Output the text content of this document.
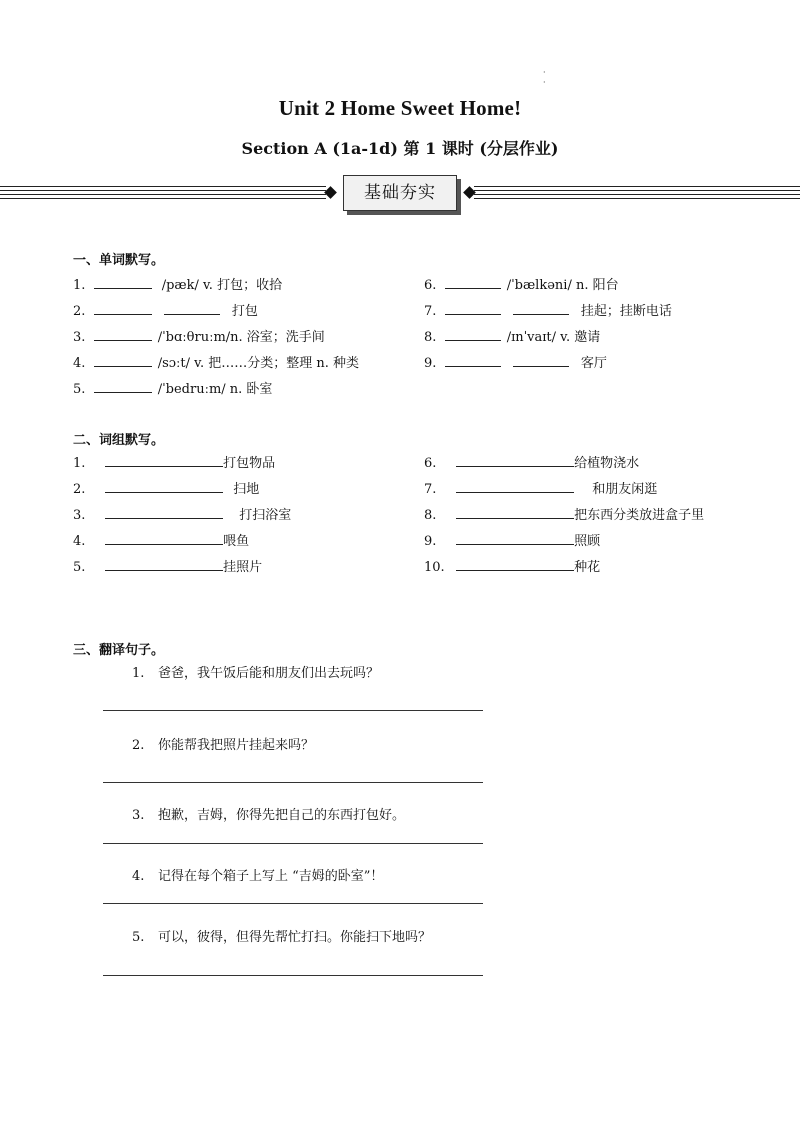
·
·
Unit 2 Home Sweet Home!
Section A (1a-1d) 第 1 课时 (分层作业)
基础夯实
一、单词默写。
1.	/pæk/ v. 打包；收拾
2.	打包
3.	/ˈbɑːθruːm/n. 浴室；洗手间
4.	/sɔːt/ v. 把……分类；整理 n. 种类
5.	/ˈbedruːm/ n. 卧室
6.	/ˈbælkəni/ n. 阳台
7.	挂起；挂断电话
8.	/ɪnˈvaɪt/ v. 邀请
9.	客厅
二、词组默写。
1.	打包物品
2.	扫地
3.	打扫浴室
4.	喂鱼
5.	挂照片
6.	给植物浇水
7.	和朋友闲逛
8.	把东西分类放进盒子里
9.	照顾
10.	种花
三、翻译句子。
1. 爸爸，我午饭后能和朋友们出去玩吗？
2. 你能帮我把照片挂起来吗？
3. 抱歉，吉姆，你得先把自己的东西打包好。
4. 记得在每个箱子上写上 “吉姆的卧室”！
5. 可以，彼得，但得先帮忙打扫。你能扫下地吗？
